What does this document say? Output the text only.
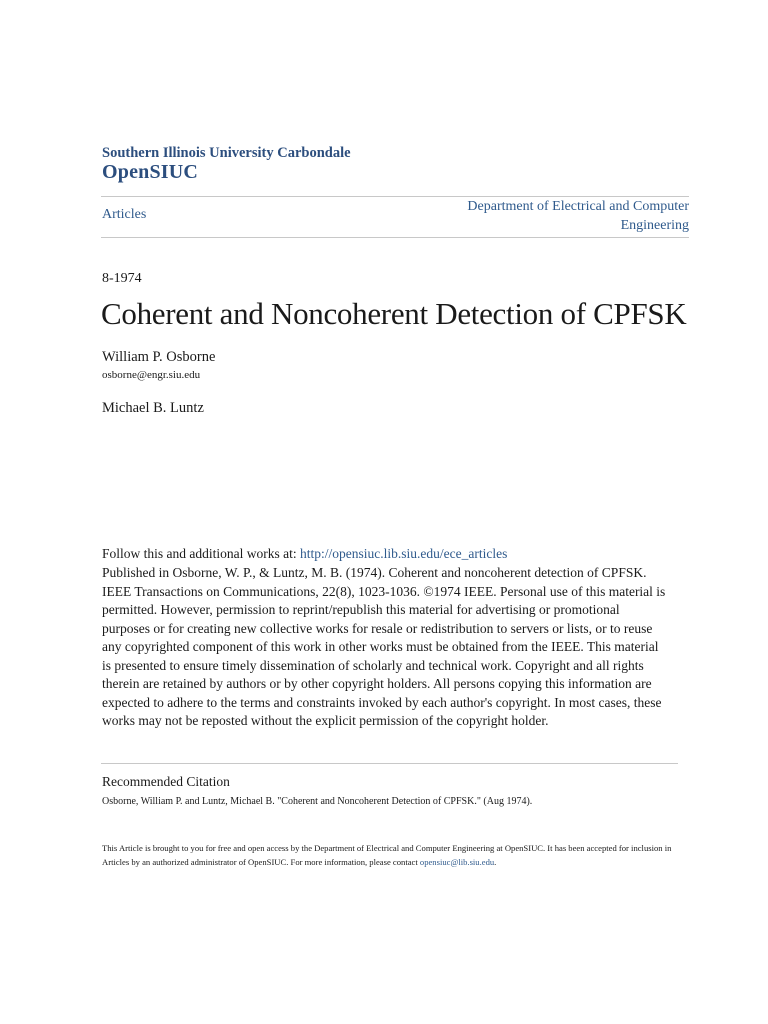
Southern Illinois University Carbondale
OpenSIUC
Articles
Department of Electrical and Computer
Engineering
8-1974
Coherent and Noncoherent Detection of CPFSK
William P. Osborne
osborne@engr.siu.edu
Michael B. Luntz
Follow this and additional works at: http://opensiuc.lib.siu.edu/ece_articles
Published in Osborne, W. P., & Luntz, M. B. (1974). Coherent and noncoherent detection of CPFSK. IEEE Transactions on Communications, 22(8), 1023-1036. ©1974 IEEE. Personal use of this material is permitted. However, permission to reprint/republish this material for advertising or promotional purposes or for creating new collective works for resale or redistribution to servers or lists, or to reuse any copyrighted component of this work in other works must be obtained from the IEEE. This material is presented to ensure timely dissemination of scholarly and technical work. Copyright and all rights therein are retained by authors or by other copyright holders. All persons copying this information are expected to adhere to the terms and constraints invoked by each author's copyright. In most cases, these works may not be reposted without the explicit permission of the copyright holder.
Recommended Citation
Osborne, William P. and Luntz, Michael B. "Coherent and Noncoherent Detection of CPFSK." (Aug 1974).
This Article is brought to you for free and open access by the Department of Electrical and Computer Engineering at OpenSIUC. It has been accepted for inclusion in Articles by an authorized administrator of OpenSIUC. For more information, please contact opensiuc@lib.siu.edu.
